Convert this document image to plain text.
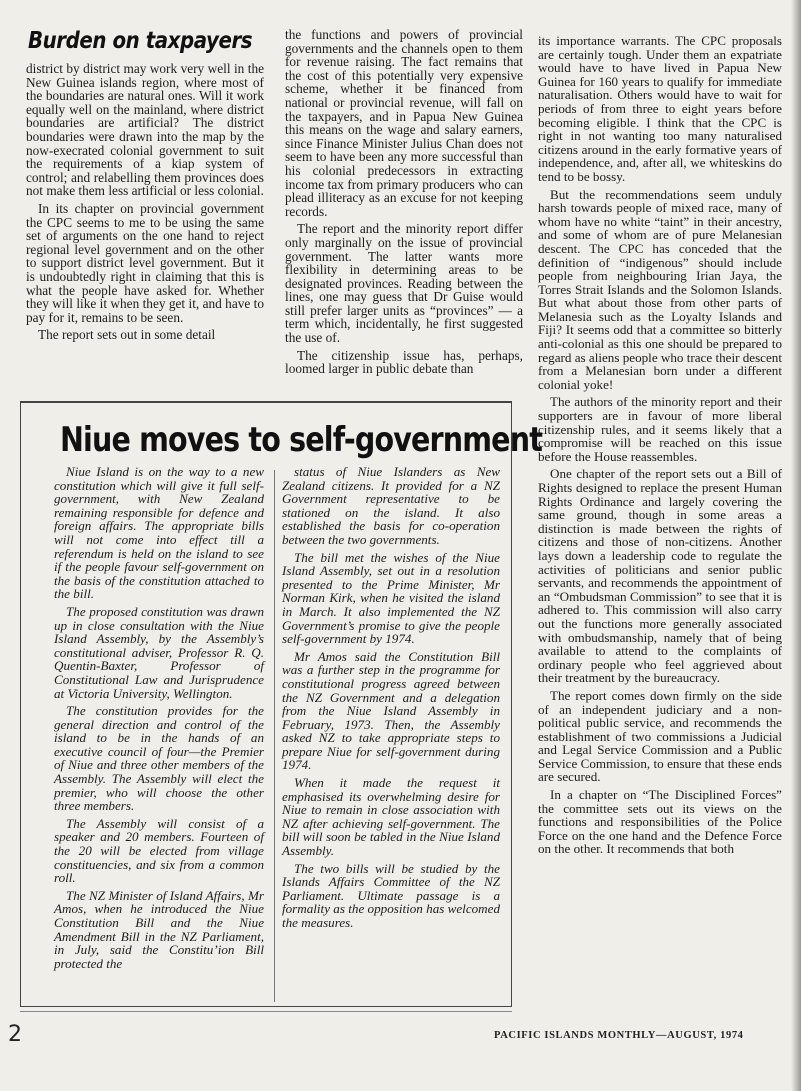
Burden on taxpayers

district by district may work very well in the New Guinea islands region, where most of the boundaries are natural ones. Will it work equally well on the mainland, where district boundaries are artificial? The district boundaries were drawn into the map by the now-execrated colonial government to suit the requirements of a kiap system of control; and relabelling them provinces does not make them less artificial or less colonial.

In its chapter on provincial government the CPC seems to me to be using the same set of arguments on the one hand to reject regional level government and on the other to support district level government. But it is undoubtedly right in claiming that this is what the people have asked for. Whether they will like it when they get it, and have to pay for it, remains to be seen.

The report sets out in some detail

the functions and powers of provincial governments and the channels open to them for revenue raising. The fact remains that the cost of this potentially very expensive scheme, whether it be financed from national or provincial revenue, will fall on the taxpayers, and in Papua New Guinea this means on the wage and salary earners, since Finance Minister Julius Chan does not seem to have been any more successful than his colonial predecessors in extracting income tax from primary producers who can plead illiteracy as an excuse for not keeping records.

The report and the minority report differ only marginally on the issue of provincial government. The latter wants more flexibility in determining areas to be designated provinces. Reading between the lines, one may guess that Dr Guise would still prefer larger units as “provinces” — a term which, incidentally, he first suggested the use of.

The citizenship issue has, perhaps, loomed larger in public debate than

its importance warrants. The CPC proposals are certainly tough. Under them an expatriate would have to have lived in Papua New Guinea for 160 years to qualify for immediate naturalisation. Others would have to wait for periods of from three to eight years before becoming eligible. I think that the CPC is right in not wanting too many naturalised citizens around in the early formative years of independence, and, after all, we whiteskins do tend to be bossy.

But the recommendations seem unduly harsh towards people of mixed race, many of whom have no white “taint” in their ancestry, and some of whom are of pure Melanesian descent. The CPC has conceded that the definition of “indigenous” should include people from neighbouring Irian Jaya, the Torres Strait Islands and the Solomon Islands. But what about those from other parts of Melanesia such as the Loyalty Islands and Fiji? It seems odd that a committee so bitterly anti-colonial as this one should be prepared to regard as aliens people who trace their descent from a Melanesian born under a different colonial yoke!

The authors of the minority report and their supporters are in favour of more liberal citizenship rules, and it seems likely that a compromise will be reached on this issue before the House reassembles.

One chapter of the report sets out a Bill of Rights designed to replace the present Human Rights Ordinance and largely covering the same ground, though in some areas a distinction is made between the rights of citizens and those of non-citizens. Another lays down a leadership code to regulate the activities of politicians and senior public servants, and recommends the appointment of an “Ombudsman Commission” to see that it is adhered to. This commission will also carry out the functions more generally associated with ombudsmanship, namely that of being available to attend to the complaints of ordinary people who feel aggrieved about their treatment by the bureaucracy.

The report comes down firmly on the side of an independent judiciary and a non-political public service, and recommends the establishment of two commissions a Judicial and Legal Service Commission and a Public Service Commission, to ensure that these ends are secured.

In a chapter on “The Disciplined Forces” the committee sets out its views on the functions and responsibilities of the Police Force on the one hand and the Defence Force on the other. It recommends that both

Niue moves to self-government

Niue Island is on the way to a new constitution which will give it full self-government, with New Zealand remaining responsible for defence and foreign affairs. The appropriate bills will not come into effect till a referendum is held on the island to see if the people favour self-government on the basis of the constitution attached to the bill.

The proposed constitution was drawn up in close consultation with the Niue Island Assembly, by the Assembly’s constitutional adviser, Professor R. Q. Quentin-Baxter, Professor of Constitutional Law and Jurisprudence at Victoria University, Wellington.

The constitution provides for the general direction and control of the island to be in the hands of an executive council of four—the Premier of Niue and three other members of the Assembly. The Assembly will elect the premier, who will choose the other three members.

The Assembly will consist of a speaker and 20 members. Fourteen of the 20 will be elected from village constituencies, and six from a common roll.

The NZ Minister of Island Affairs, Mr Amos, when he introduced the Niue Constitution Bill and the Niue Amendment Bill in the NZ Parliament, in July, said the Constitu’ion Bill protected the

status of Niue Islanders as New Zealand citizens. It provided for a NZ Government representative to be stationed on the island. It also established the basis for co-operation between the two governments.

The bill met the wishes of the Niue Island Assembly, set out in a resolution presented to the Prime Minister, Mr Norman Kirk, when he visited the island in March. It also implemented the NZ Government’s promise to give the people self-government by 1974.

Mr Amos said the Constitution Bill was a further step in the programme for constitutional progress agreed between the NZ Government and a delegation from the Niue Island Assembly in February, 1973. Then, the Assembly asked NZ to take appropriate steps to prepare Niue for self-government during 1974.

When it made the request it emphasised its overwhelming desire for Niue to remain in close association with NZ after achieving self-government. The bill will soon be tabled in the Niue Island Assembly.

The two bills will be studied by the Islands Affairs Committee of the NZ Parliament. Ultimate passage is a formality as the opposition has welcomed the measures.

2	PACIFIC ISLANDS MONTHLY—AUGUST, 1974
